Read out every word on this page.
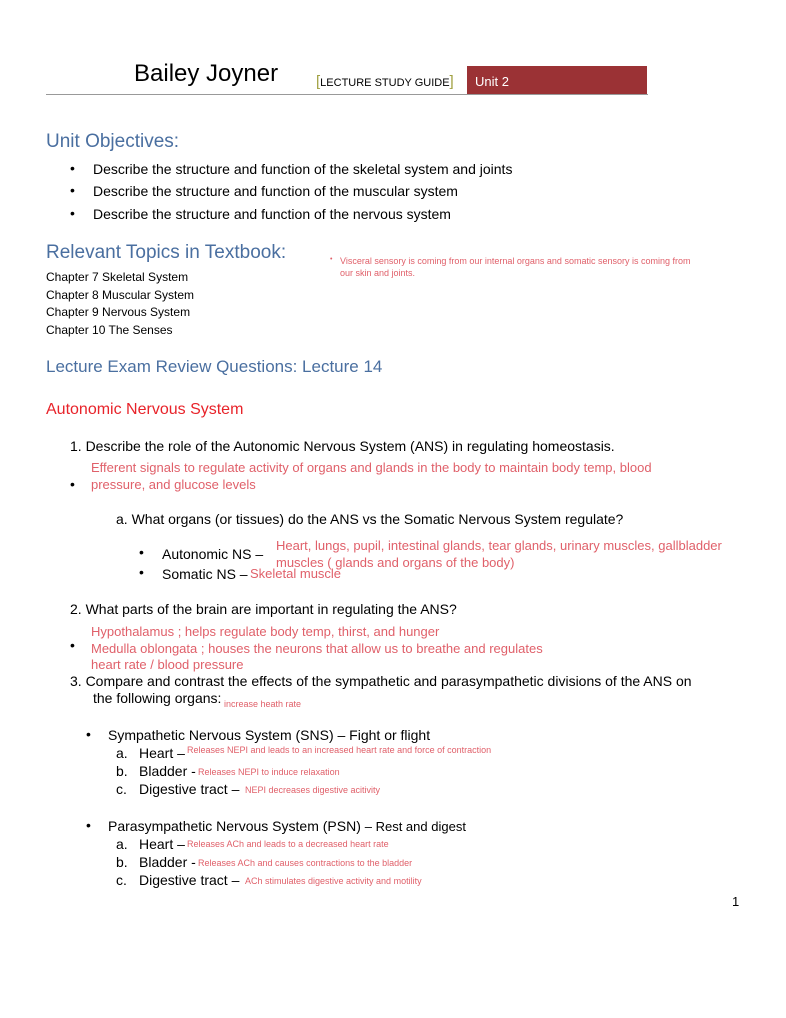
Bailey Joyner	[LECTURE STUDY GUIDE] Unit 2
Unit Objectives:
• Describe the structure and function of the skeletal system and joints
• Describe the structure and function of the muscular system
• Describe the structure and function of the nervous system
Relevant Topics in Textbook:
Chapter 7 Skeletal System
Chapter 8 Muscular System
Chapter 9 Nervous System
Chapter 10 The Senses
• Visceral sensory is coming from our internal organs and somatic sensory is coming from
our skin and joints.
Lecture Exam Review Questions: Lecture 14
Autonomic Nervous System
1. Describe the role of the Autonomic Nervous System (ANS) in regulating homeostasis.
Efferent signals to regulate activity of organs and glands in the body to maintain body temp, blood
• pressure, and glucose levels
a. What organs (or tissues) do the ANS vs the Somatic Nervous System regulate?
• Autonomic NS –
Heart, lungs, pupil, intestinal glands, tear glands, urinary muscles, gallbladder
muscles ( glands and organs of the body)
• Somatic NS – Skeletal muscle
2. What parts of the brain are important in regulating the ANS?
Hypothalamus ; helps regulate body temp, thirst, and hunger
• Medulla oblongata ; houses the neurons that allow us to breathe and regulates
heart rate / blood pressure
3. Compare and contrast the effects of the sympathetic and parasympathetic divisions of the ANS on
the following organs: increase heath rate
• Sympathetic Nervous System (SNS) – Fight or flight
a. Heart – Releases NEPI and leads to an increased heart rate and force of contraction
b. Bladder - Releases NEPI to induce relaxation
c. Digestive tract – NEPI decreases digestive acitivity
• Parasympathetic Nervous System (PSN) – Rest and digest
a. Heart – Releases ACh and leads to a decreased heart rate
b. Bladder - Releases ACh and causes contractions to the bladder
c. Digestive tract – ACh stimulates digestive activity and motility
1
